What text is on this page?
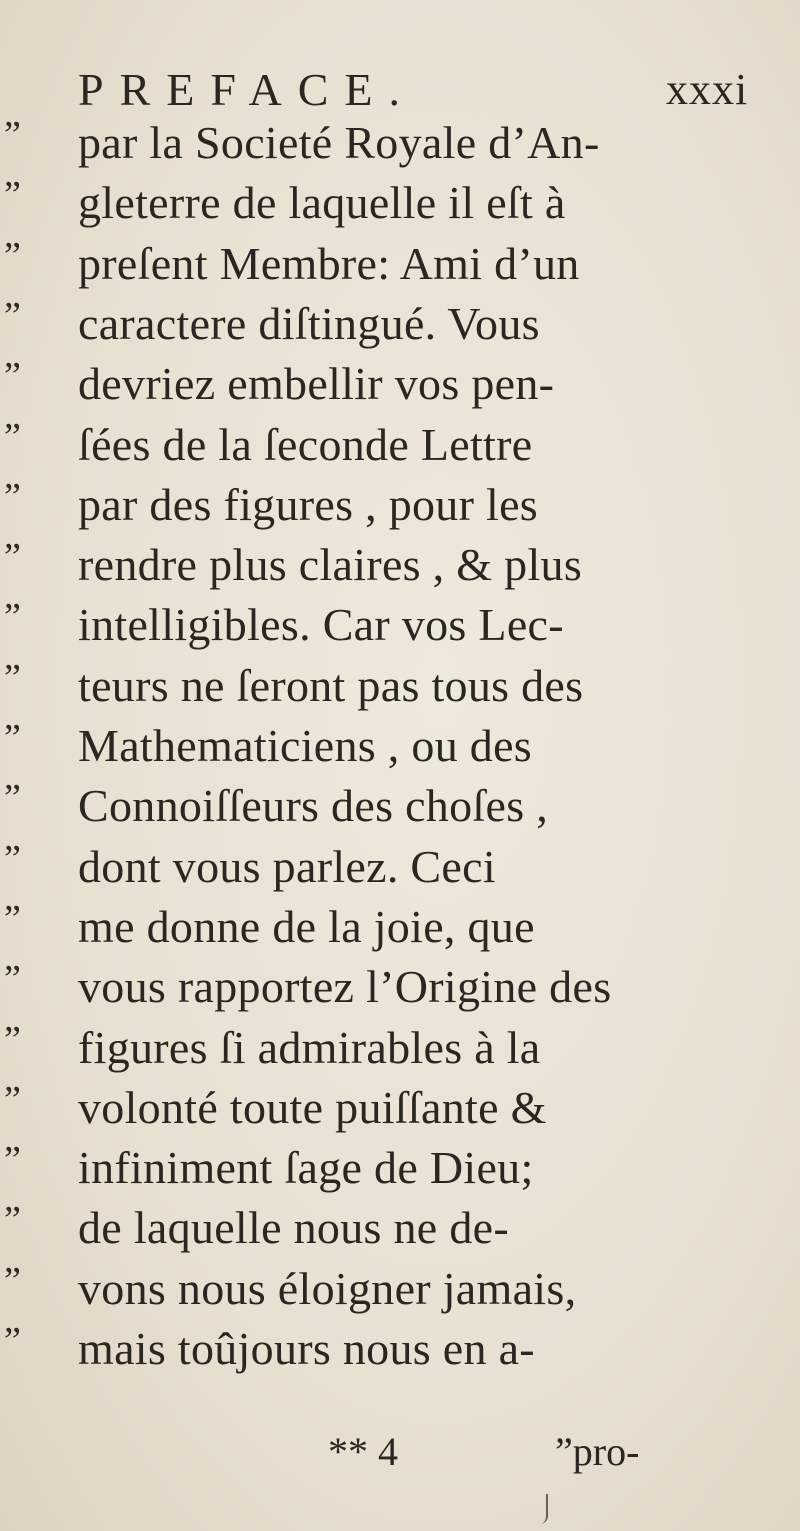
PREFACE.	xxxi
”
”
”
”
”
”
”
”
”
”
”
”
”
”
”
”
”
”
”
”
”
par la Societé Royale d’An-
gleterre de laquelle il eſt à
preſent Membre: Ami d’un
caractere diſtingué. Vous
devriez embellir vos pen-
ſées de la ſeconde Lettre
par des figures , pour les
rendre plus claires , & plus
intelligibles. Car vos Lec-
teurs ne ſeront pas tous des
Mathematiciens , ou des
Connoiſſeurs des choſes ,
dont vous parlez. Ceci
me donne de la joie, que
vous rapportez l’Origine des
figures ſi admirables à la
volonté toute puiſſante &
infiniment ſage de Dieu;
de laquelle nous ne de-
vons nous éloigner jamais,
mais toûjours nous en a-
** 4	”pro-
